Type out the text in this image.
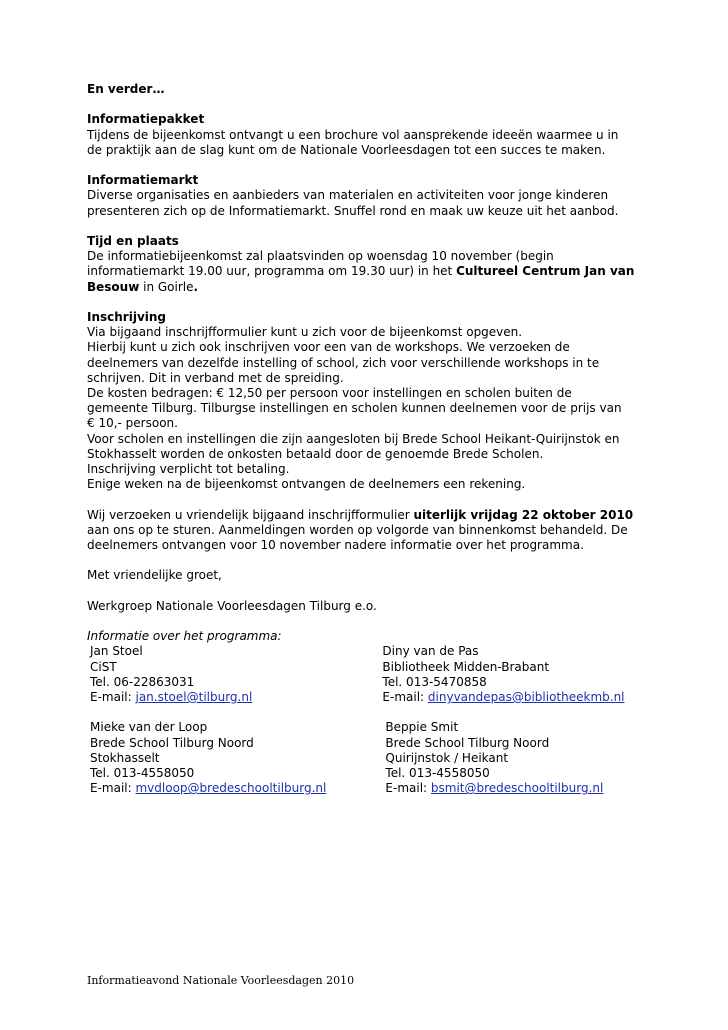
En verder…

Informatiepakket

Tijdens de bijeenkomst ontvangt u een brochure vol aansprekende ideeën waarmee u in

de praktijk aan de slag kunt om de Nationale Voorleesdagen tot een succes te maken.

Informatiemarkt

Diverse organisaties en aanbieders van materialen en activiteiten voor jonge kinderen

presenteren zich op de Informatiemarkt. Snuffel rond en maak uw keuze uit het aanbod.

Tijd en plaats

De informatiebijeenkomst zal plaatsvinden op woensdag 10 november (begin

informatiemarkt 19.00 uur, programma om 19.30 uur) in het Cultureel Centrum Jan van

Besouw in Goirle.

Inschrijving

Via bijgaand inschrijfformulier kunt u zich voor de bijeenkomst opgeven.

Hierbij kunt u zich ook inschrijven voor een van de workshops. We verzoeken de

deelnemers van dezelfde instelling of school, zich voor verschillende workshops in te

schrijven. Dit in verband met de spreiding.

De kosten bedragen: € 12,50 per persoon voor instellingen en scholen buiten de

gemeente Tilburg. Tilburgse instellingen en scholen kunnen deelnemen voor de prijs van

€ 10,- persoon.

Voor scholen en instellingen die zijn aangesloten bij Brede School Heikant-Quirijnstok en

Stokhasselt worden de onkosten betaald door de genoemde Brede Scholen.

Inschrijving verplicht tot betaling.

Enige weken na de bijeenkomst ontvangen de deelnemers een rekening.

Wij verzoeken u vriendelijk bijgaand inschrijfformulier uiterlijk vrijdag 22 oktober 2010

aan ons op te sturen. Aanmeldingen worden op volgorde van binnenkomst behandeld. De

deelnemers ontvangen voor 10 november nadere informatie over het programma.

Met vriendelijke groet,

Werkgroep Nationale Voorleesdagen Tilburg e.o.

Informatie over het programma:

Jan Stoel

CiST

Tel. 06-22863031

E-mail: jan.stoel@tilburg.nl

Diny van de Pas

Bibliotheek Midden-Brabant

Tel. 013-5470858

E-mail: dinyvandepas@bibliotheekmb.nl

Mieke van der Loop

Brede School Tilburg Noord

Stokhasselt

Tel. 013-4558050

E-mail: mvdloop@bredeschooltilburg.nl

Beppie Smit

Brede School Tilburg Noord

Quirijnstok / Heikant

Tel. 013-4558050

E-mail: bsmit@bredeschooltilburg.nl

Informatieavond Nationale Voorleesdagen 2010
